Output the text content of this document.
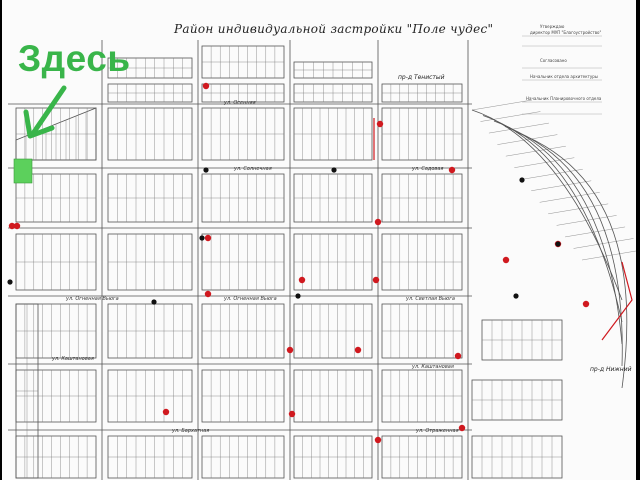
Район индивидуальной застройки "Поле чудес"
Здесь	пр-д Тенистый
пр-д Нижний
ул. Осенняя
ул. Солнечная	ул. Садовая
ул. Огненная Вьюга	ул. Огненная Вьюга	ул. Светлая Вьюга
ул. Каштановая
ул. Каштановая
ул. Бархатная	ул. Отраженная
Утверждаю
директор МУП "Благоустройство"
Согласовано
Начальник отдела архитектуры
Начальник Планировочного отдела
